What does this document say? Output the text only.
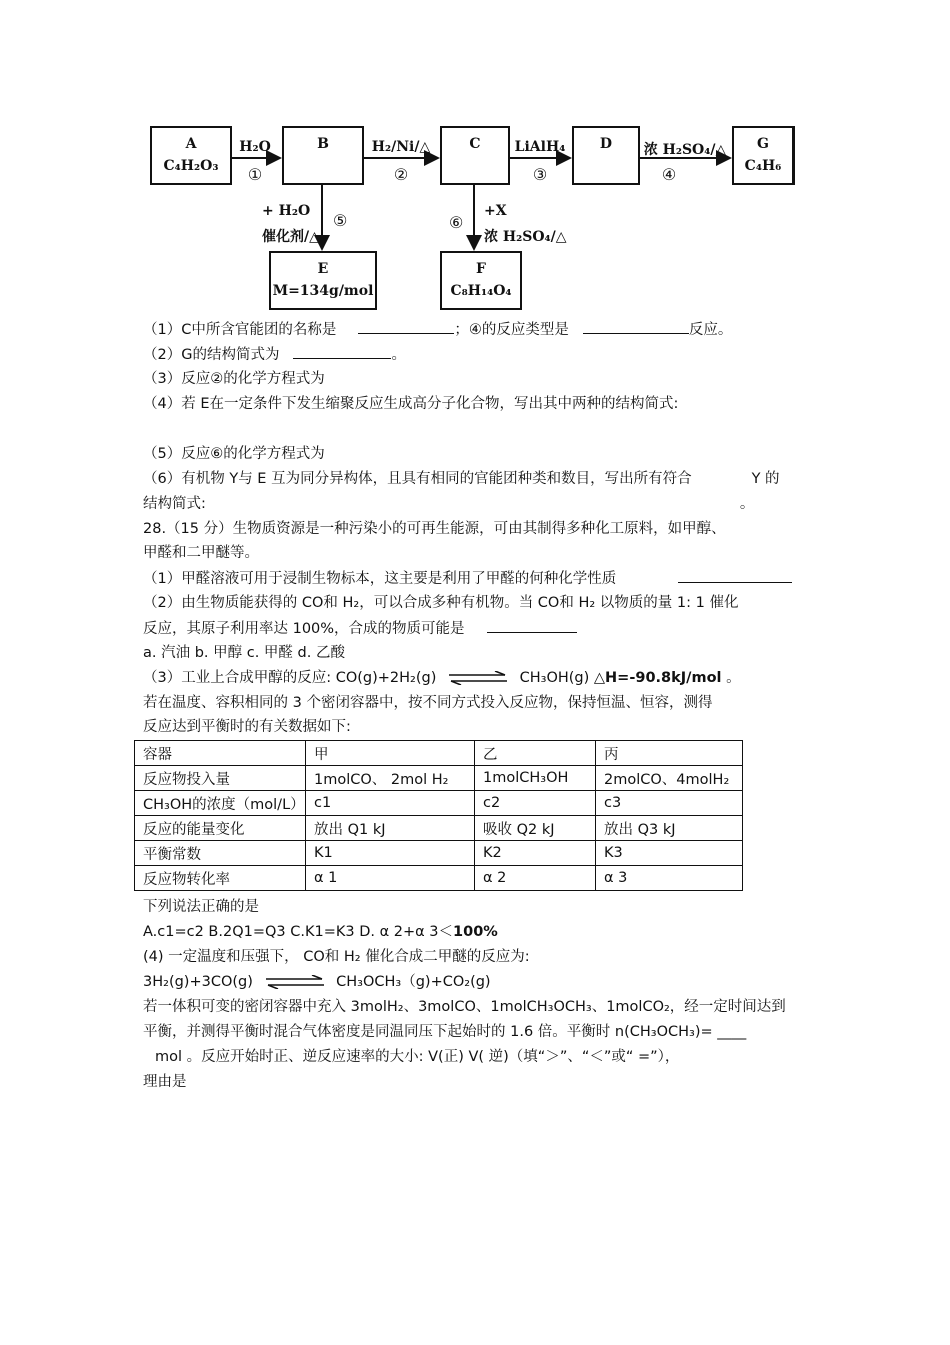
A
C₄H₂O₃
B	C	D	G
C₄H₆
E
M=134g/mol
F
C₈H₁₄O₄
H₂O
①
H₂/Ni/△
②
LiAlH₄
③
浓 H₂SO₄/△
④
+ H₂O
催化剂/△
⑤	⑥
+X
浓 H₂SO₄/△
（1）C中所含官能团的名称是	；④的反应类型是	反应。
（2）G的结构简式为	。
（3）反应②的化学方程式为
（4）若 E在一定条件下发生缩聚反应生成高分子化合物，写出其中两种的结构简式:
（5）反应⑥的化学方程式为
（6）有机物 Y与 E 互为同分异构体，且具有相同的官能团种类和数目，写出所有符合	Y 的
结构简式:	。
28.（15 分）生物质资源是一种污染小的可再生能源，可由其制得多种化工原料，如甲醇、
甲醛和二甲醚等。
（1）甲醛溶液可用于浸制生物标本，这主要是利用了甲醛的何种化学性质
（2）由生物质能获得的 CO和 H₂，可以合成多种有机物。当 CO和 H₂ 以物质的量 1: 1 催化
反应，其原子利用率达 100%，合成的物质可能是
a. 汽油 b. 甲醇 c. 甲醛 d. 乙酸
（3）工业上合成甲醇的反应: CO(g)+2H₂(g)	CH₃OH(g) △H=-90.8kJ/mol 。
若在温度、容积相同的 3 个密闭容器中，按不同方式投入反应物，保持恒温、恒容，测得
反应达到平衡时的有关数据如下:
容器	甲	乙	丙
反应物投入量	1molCO、 2mol H₂	1molCH₃OH	2molCO、4molH₂
CH₃OH的浓度（mol/L）	c1	c2	c3
反应的能量变化	放出 Q1 kJ	吸收 Q2 kJ	放出 Q3 kJ
平衡常数	K1	K2	K3
反应物转化率	α 1	α 2	α 3
下列说法正确的是
A.c1=c2 B.2Q1=Q3 C.K1=K3 D. α 2+α 3＜100%
(4) 一定温度和压强下， CO和 H₂ 催化合成二甲醚的反应为:
3H₂(g)+3CO(g)	CH₃OCH₃（g)+CO₂(g)
若一体积可变的密闭容器中充入 3molH₂、3molCO、1molCH₃OCH₃、1molCO₂，经一定时间达到
平衡，并测得平衡时混合气体密度是同温同压下起始时的 1.6 倍。平衡时 n(CH₃OCH₃)= ____
mol 。反应开始时正、逆反应速率的大小: V(正) V( 逆)（填“＞”、“＜”或“ =”），
理由是
